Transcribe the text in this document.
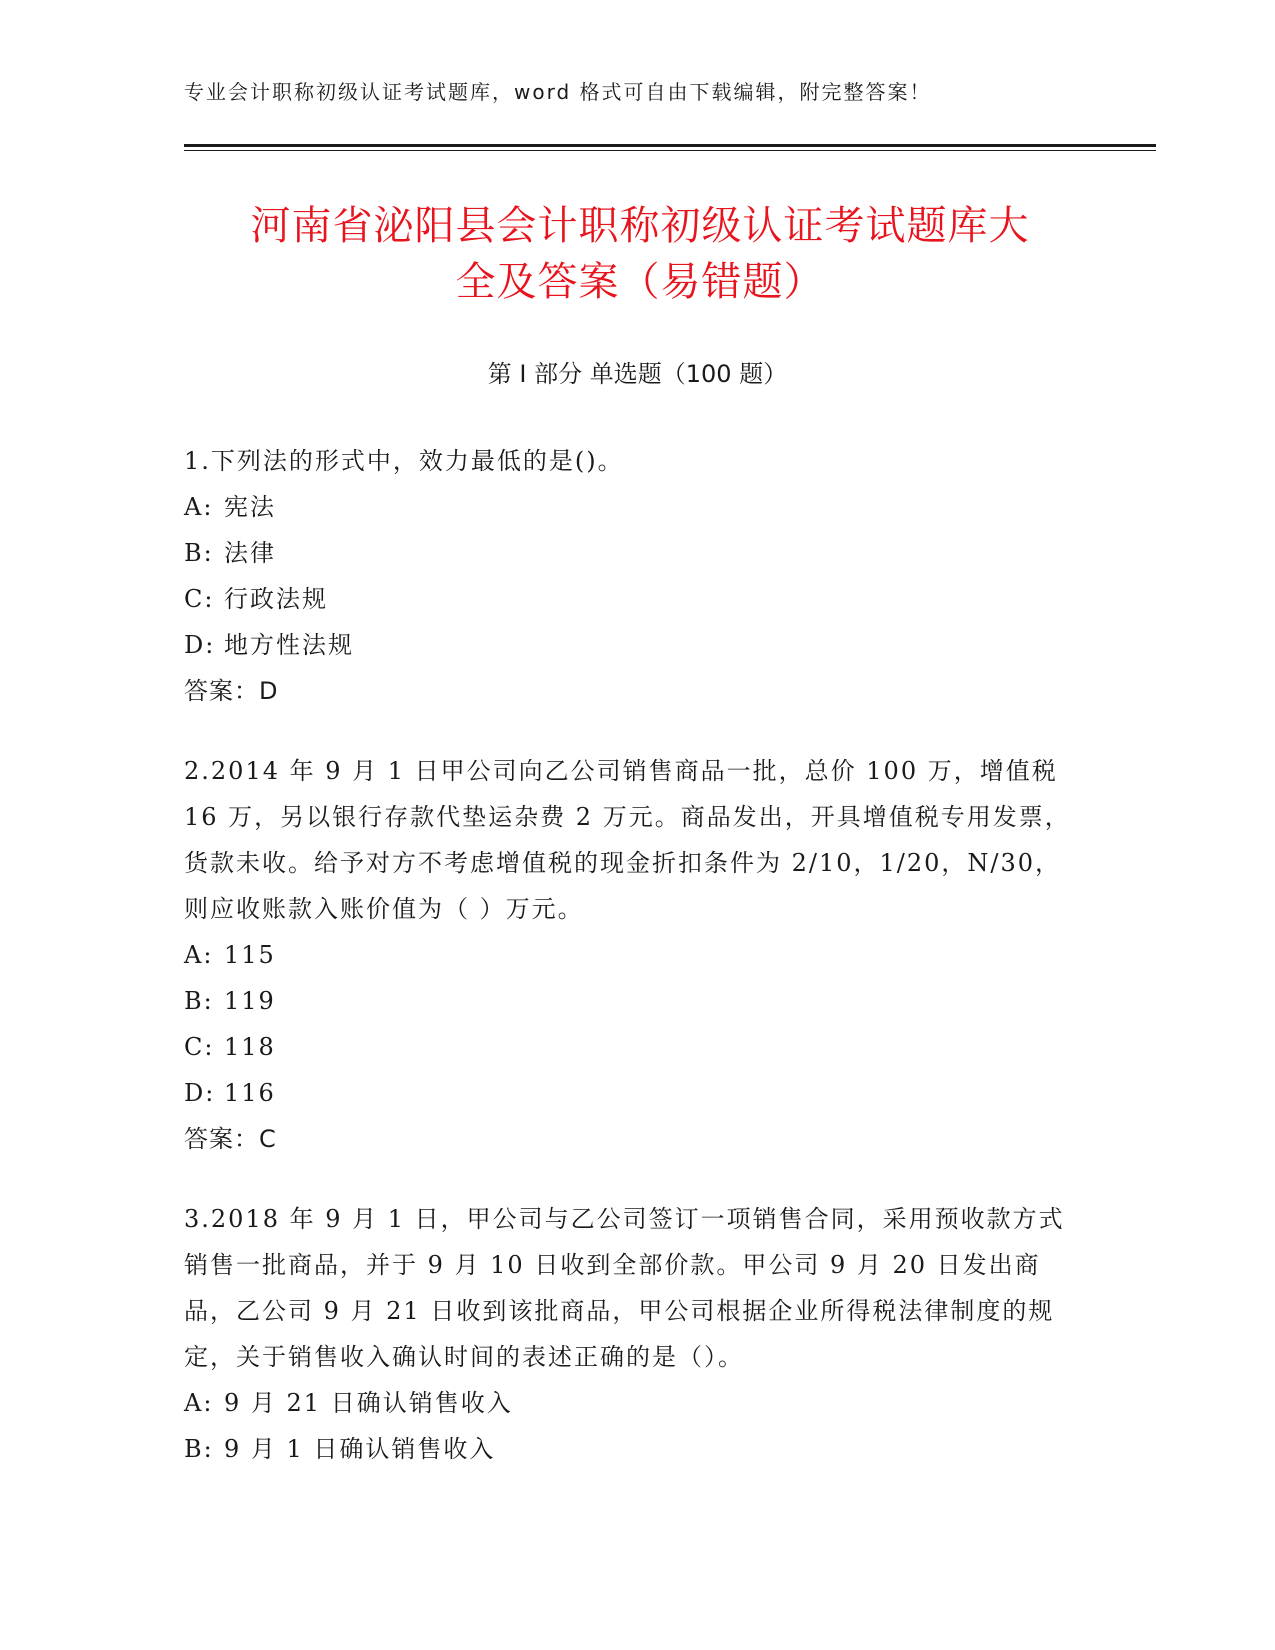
专业会计职称初级认证考试题库，word 格式可自由下载编辑，附完整答案！
河南省泌阳县会计职称初级认证考试题库大
全及答案（易错题）
第 I 部分 单选题（100 题）

1.下列法的形式中，效力最低的是()。

A: 宪法

B: 法律

C: 行政法规

D: 地方性法规

答案：D

2.2014 年 9 月 1 日甲公司向乙公司销售商品一批，总价 100 万，增值税 16 万，另以银行存款代垫运杂费 2 万元。商品发出，开具增值税专用发票，货款未收。给予对方不考虑增值税的现金折扣条件为 2/10，1/20，N/30，则应收账款入账价值为（ ）万元。

A: 115

B: 119

C: 118

D: 116

答案：C

3.2018 年 9 月 1 日，甲公司与乙公司签订一项销售合同，采用预收款方式销售一批商品，并于 9 月 10 日收到全部价款。甲公司 9 月 20 日发出商品，乙公司 9 月 21 日收到该批商品，甲公司根据企业所得税法律制度的规定，关于销售收入确认时间的表述正确的是（）。

A: 9 月 21 日确认销售收入

B: 9 月 1 日确认销售收入
